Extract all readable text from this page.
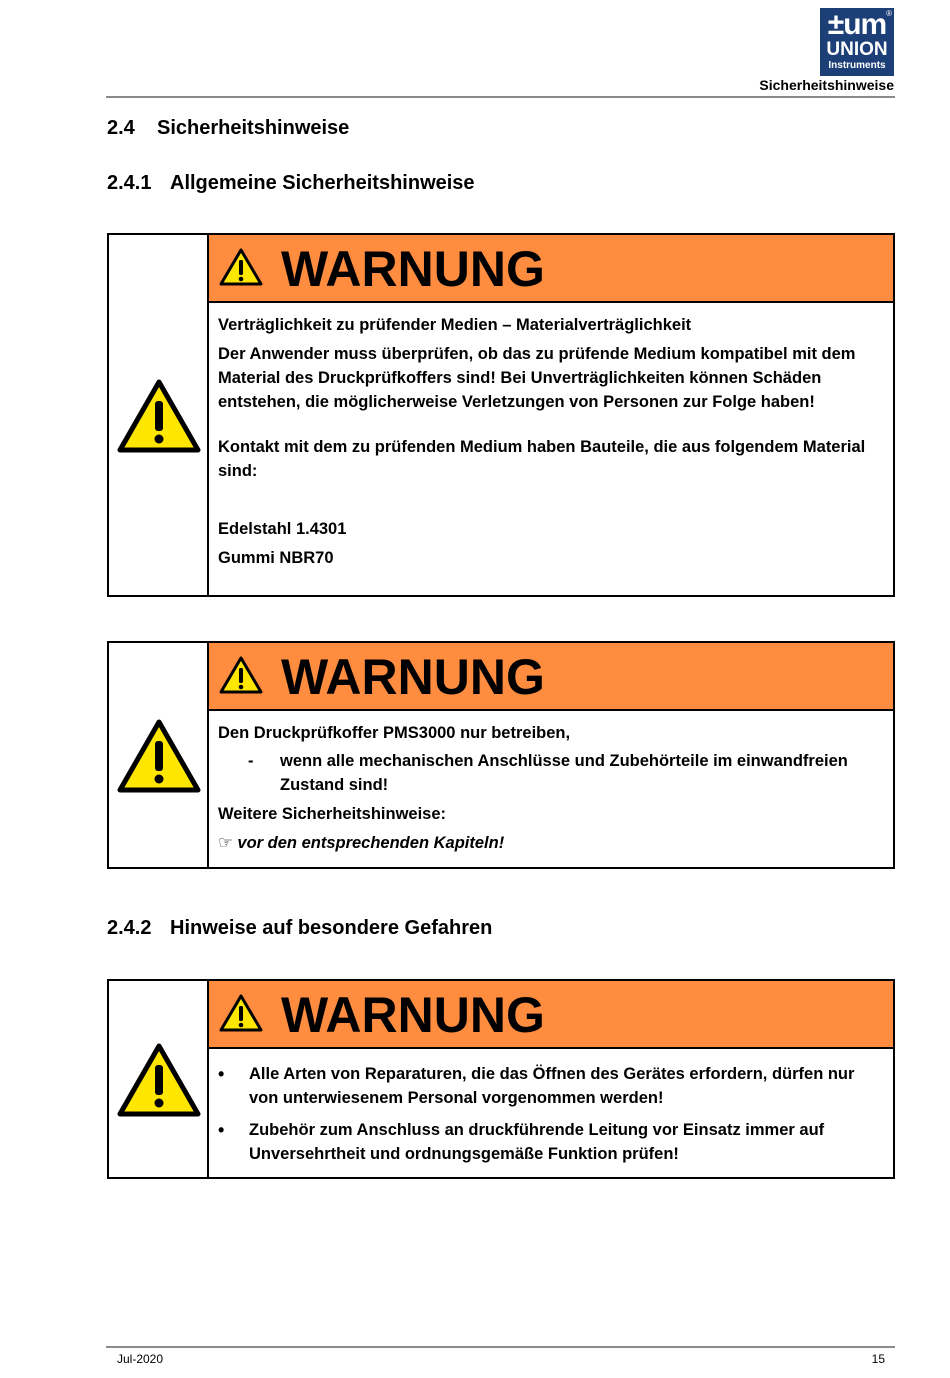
®
±um
UNION
Instruments
Sicherheitshinweise
2.4 Sicherheitshinweise
2.4.1 Allgemeine Sicherheitshinweise
WARNUNG

Verträglichkeit zu prüfender Medien – Materialverträglichkeit

Der Anwender muss überprüfen, ob das zu prüfende Medium kompatibel mit dem Material des Druckprüfkoffers sind! Bei Unverträglichkeiten können Schäden entstehen, die möglicherweise Verletzungen von Personen zur Folge haben!

Kontakt mit dem zu prüfenden Medium haben Bauteile, die aus folgendem Material sind:

Edelstahl 1.4301

Gummi NBR70

WARNUNG

Den Druckprüfkoffer PMS3000 nur betreiben,

-	wenn alle mechanischen Anschlüsse und Zubehörteile im einwandfreien Zustand sind!

Weitere Sicherheitshinweise:

☞ vor den entsprechenden Kapiteln!

2.4.2 Hinweise auf besondere Gefahren
WARNUNG
•	Alle Arten von Reparaturen, die das Öffnen des Gerätes erfordern, dürfen nur von unterwiesenem Personal vorgenommen werden!
•	Zubehör zum Anschluss an druckführende Leitung vor Einsatz immer auf Unversehrtheit und ordnungsgemäße Funktion prüfen!
Jul-2020	15
